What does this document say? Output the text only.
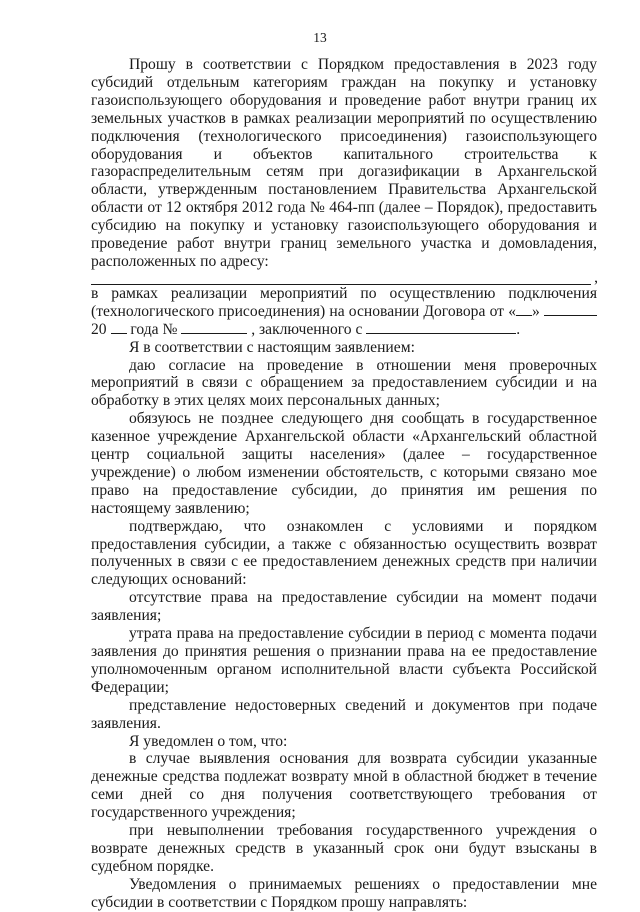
13

Прошу в соответствии с Порядком предоставления в 2023 году субсидий отдельным категориям граждан на покупку и установку газоиспользующего оборудования и проведение работ внутри границ их земельных участков в рамках реализации мероприятий по осуществлению подключения (технологического присоединения) газоиспользующего оборудования и объектов капитального строительства к газораспределительным сетям при догазификации в Архангельской области, утвержденным постановлением Правительства Архангельской области от 12 октября 2012 года № 464-пп (далее – Порядок), предоставить субсидию на покупку и установку газоиспользующего оборудования и проведение работ внутри границ земельного участка и домовладения, расположенных по адресу:

,

в рамках реализации мероприятий по осуществлению подключения (технологического присоединения) на основании Договора от « »  20  года №	, заключенного с	.

Я в соответствии с настоящим заявлением:

даю согласие на проведение в отношении меня проверочных мероприятий в связи с обращением за предоставлением субсидии и на обработку в этих целях моих персональных данных;

обязуюсь не позднее следующего дня сообщать в государственное казенное учреждение Архангельской области «Архангельский областной центр социальной защиты населения» (далее – государственное учреждение) о любом изменении обстоятельств, с которыми связано мое право на предоставление субсидии, до принятия им решения по настоящему заявлению;

подтверждаю, что ознакомлен с условиями и порядком предоставления субсидии, а также с обязанностью осуществить возврат полученных в связи с ее предоставлением денежных средств при наличии следующих оснований:

отсутствие права на предоставление субсидии на момент подачи заявления;

утрата права на предоставление субсидии в период с момента подачи заявления до принятия решения о признании права на ее предоставление уполномоченным органом исполнительной власти субъекта Российской Федерации;

представление недостоверных сведений и документов при подаче заявления.

Я уведомлен о том, что:

в случае выявления основания для возврата субсидии указанные денежные средства подлежат возврату мной в областной бюджет в течение семи дней со дня получения соответствующего требования от государственного учреждения;

при невыполнении требования государственного учреждения о возврате денежных средств в указанный срок они будут взысканы в судебном порядке.

Уведомления о принимаемых решениях о предоставлении мне субсидии в соответствии с Порядком прошу направлять:
